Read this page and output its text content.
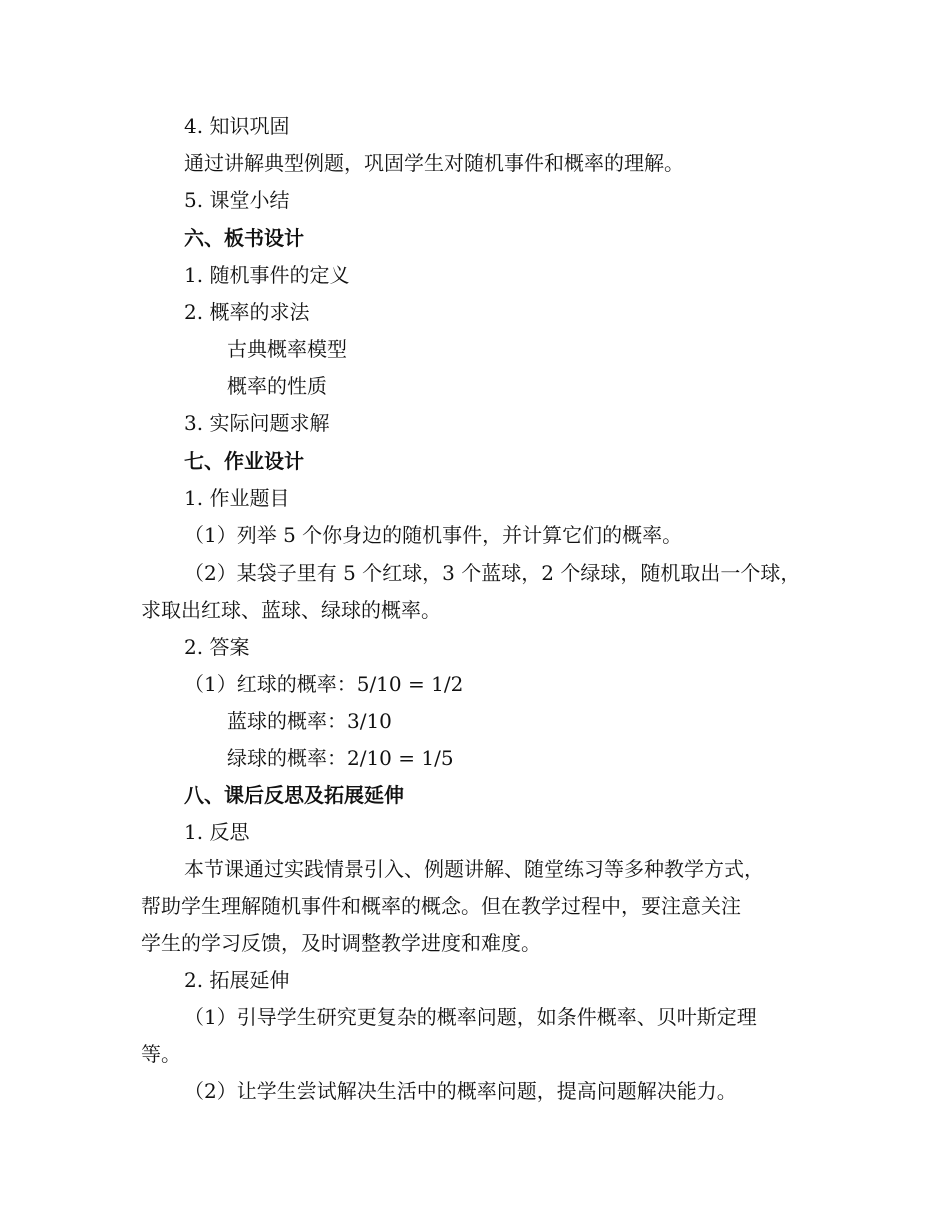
4. 知识巩固
通过讲解典型例题，巩固学生对随机事件和概率的理解。
5. 课堂小结
六、板书设计
1. 随机事件的定义
2. 概率的求法
古典概率模型
概率的性质
3. 实际问题求解
七、作业设计
1. 作业题目
（1）列举 5 个你身边的随机事件，并计算它们的概率。
（2）某袋子里有 5 个红球，3 个蓝球，2 个绿球，随机取出一个球，
求取出红球、蓝球、绿球的概率。
2. 答案
（1）红球的概率：5/10 = 1/2
蓝球的概率：3/10
绿球的概率：2/10 = 1/5
八、课后反思及拓展延伸
1. 反思
本节课通过实践情景引入、例题讲解、随堂练习等多种教学方式，
帮助学生理解随机事件和概率的概念。但在教学过程中，要注意关注
学生的学习反馈，及时调整教学进度和难度。
2. 拓展延伸
（1）引导学生研究更复杂的概率问题，如条件概率、贝叶斯定理
等。
（2）让学生尝试解决生活中的概率问题，提高问题解决能力。
